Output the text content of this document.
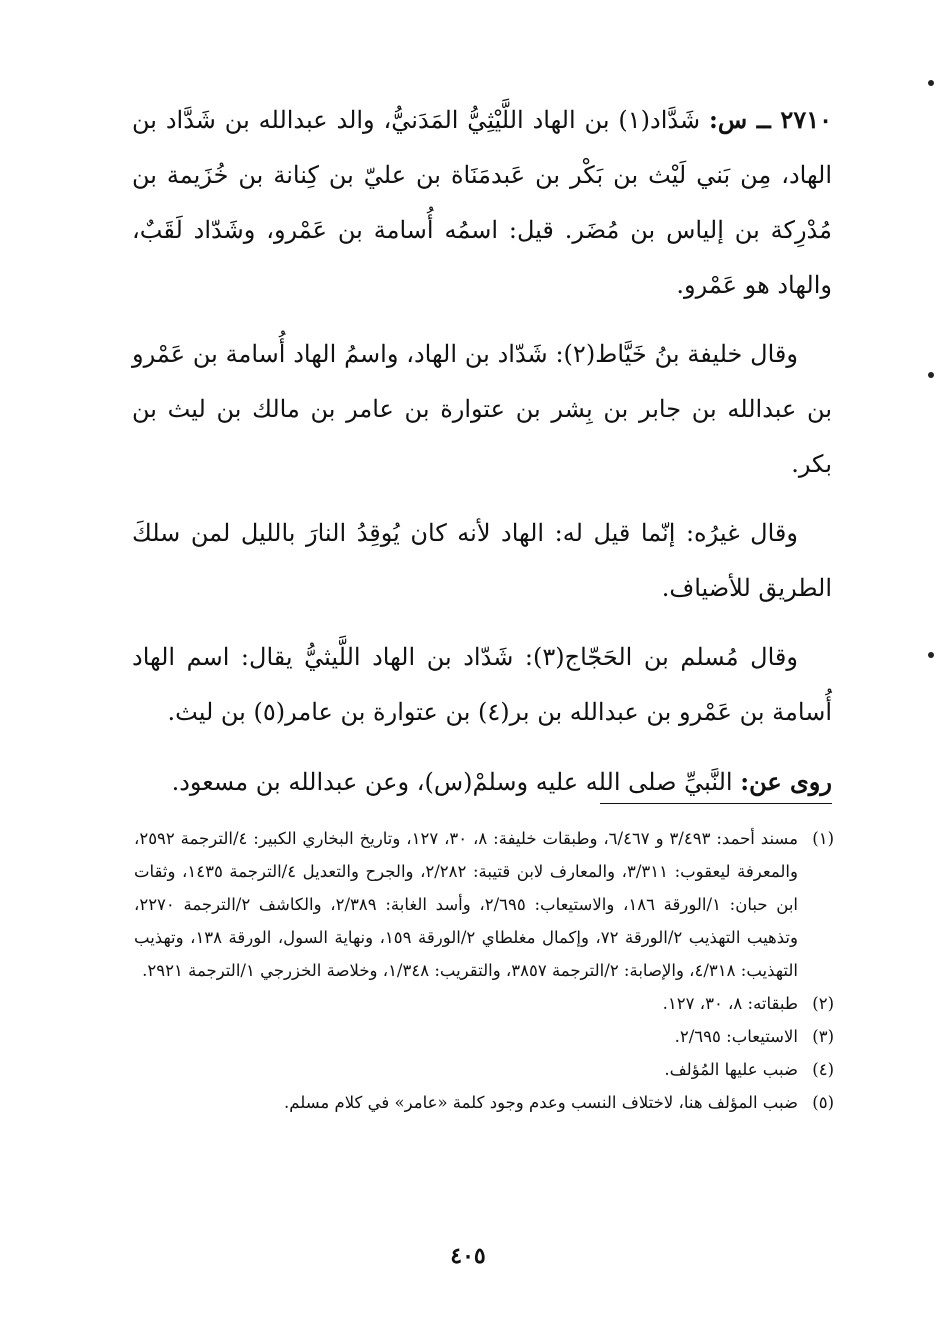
٢٧١٠ ــ س: شَدَّاد(١) بن الهاد اللَّيْثِيُّ المَدَنيُّ، والد عبدالله بن شَدَّاد بن الهاد، مِن بَني لَيْث بن بَكْر بن عَبدمَنَاة بن عليّ بن كِنانة بن خُزَيمة بن مُدْرِكة بن إلياس بن مُضَر. قيل: اسمُه أُسامة بن عَمْرو، وشَدّاد لَقَبٌ، والهاد هو عَمْرو.

وقال خليفة بنُ خَيَّاط(٢): شَدّاد بن الهاد، واسمُ الهاد أُسامة بن عَمْرو بن عبدالله بن جابر بن بِشر بن عتوارة بن عامر بن مالك بن ليث بن بكر.

وقال غيرُه: إنّما قيل له: الهاد لأنه كان يُوقِدُ النارَ بالليل لمن سلكَ الطريق للأضياف.

وقال مُسلم بن الحَجّاج(٣): شَدّاد بن الهاد اللَّيثيُّ يقال: اسم الهاد أُسامة بن عَمْرو بن عبدالله بن بر(٤) بن عتوارة بن عامر(٥) بن ليث.

روى عن: النَّبيِّ صلى الله عليه وسلمْ(س)، وعن عبدالله بن مسعود.

(١)
مسند أحمد: ٣/٤٩٣ و ٦/٤٦٧، وطبقات خليفة: ٨، ٣٠، ١٢٧، وتاريخ البخاري الكبير: ٤/الترجمة ٢٥٩٢، والمعرفة ليعقوب: ٣/٣١١، والمعارف لابن قتيبة: ٢/٢٨٢، والجرح والتعديل ٤/الترجمة ١٤٣٥، وثقات ابن حبان: ١/الورقة ١٨٦، والاستيعاب: ٢/٦٩٥، وأسد الغابة: ٢/٣٨٩، والكاشف ٢/الترجمة ٢٢٧٠، وتذهيب التهذيب ٢/الورقة ٧٢، وإكمال مغلطاي ٢/الورقة ١٥٩، ونهاية السول، الورقة ١٣٨، وتهذيب التهذيب: ٤/٣١٨، والإصابة: ٢/الترجمة ٣٨٥٧، والتقريب: ١/٣٤٨، وخلاصة الخزرجي ١/الترجمة ٢٩٢١.
(٢)
طبقاته: ٨، ٣٠، ١٢٧.
(٣)
الاستيعاب: ٢/٦٩٥.
(٤)
ضبب عليها المُؤلف.
(٥)
ضبب المؤلف هنا، لاختلاف النسب وعدم وجود كلمة «عامر» في كلام مسلم.
٤٠٥
